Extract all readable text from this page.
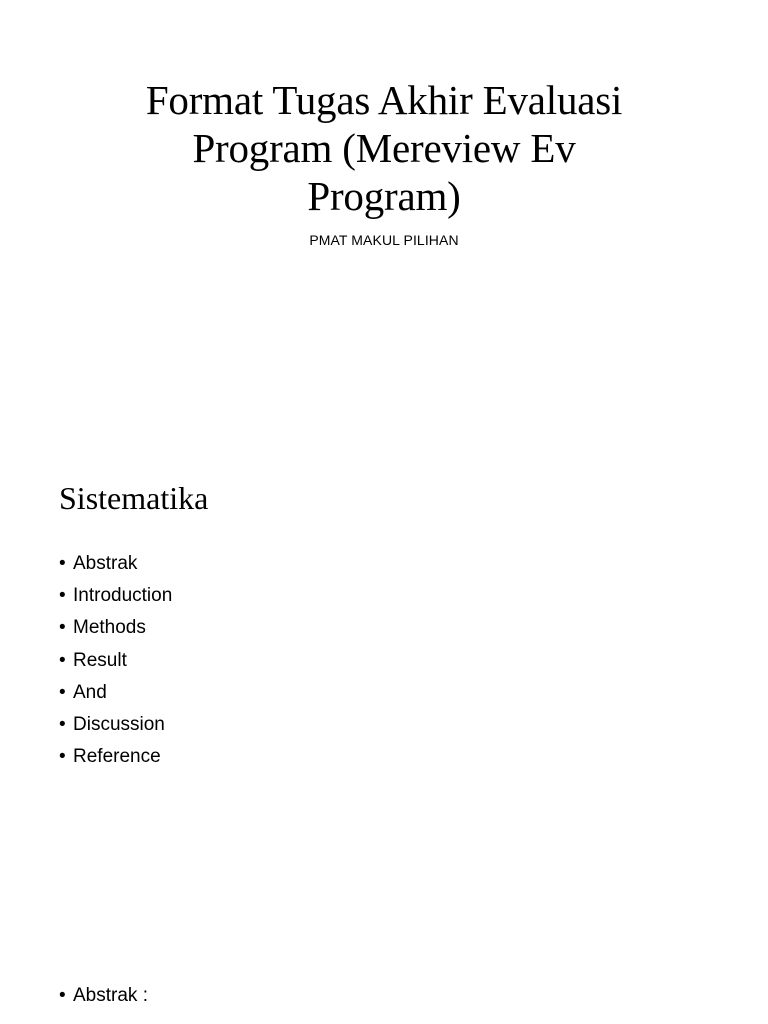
Format Tugas Akhir Evaluasi
Program (Mereview Ev
Program)

PMAT MAKUL PILIHAN

Sistematika
• Abstrak
• Introduction
• Methods
• Result
• And
• Discussion
• Reference
• Abstrak :
